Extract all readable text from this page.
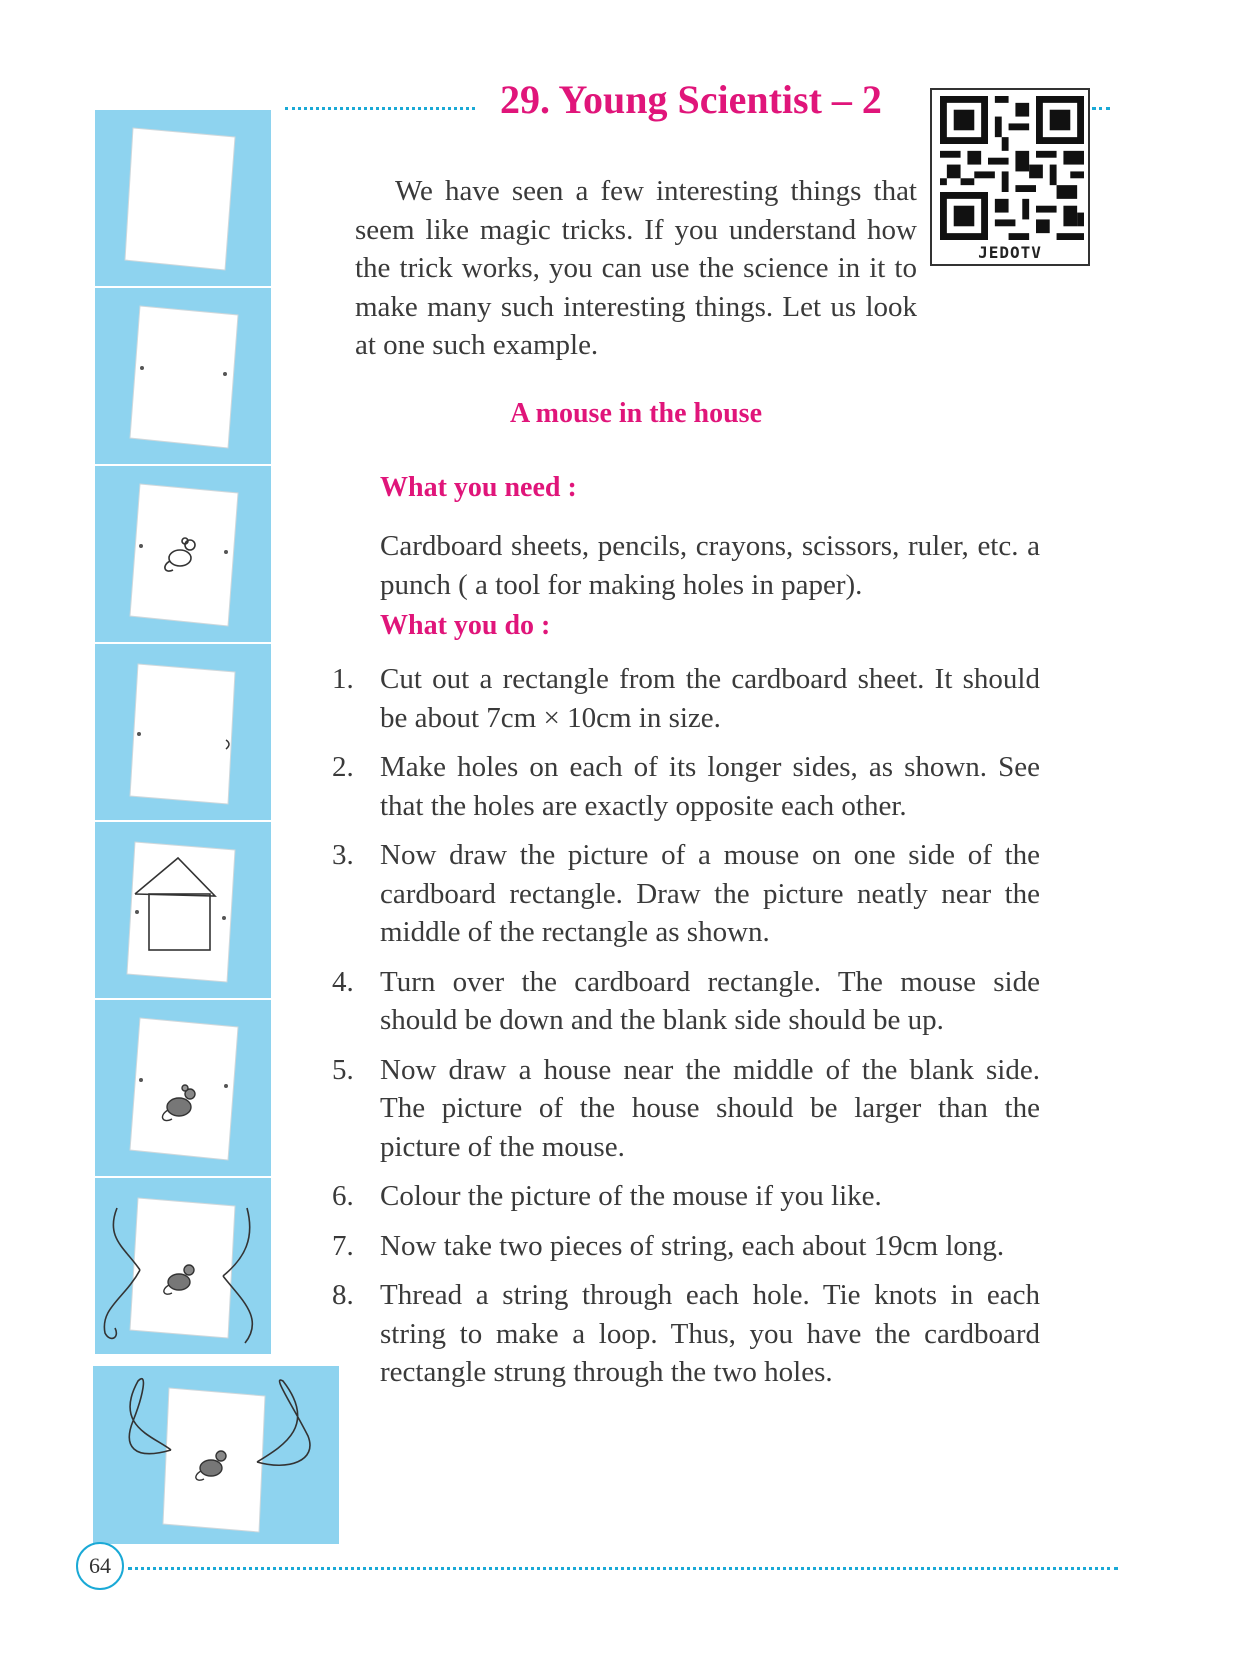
29. Young Scientist – 2
JEDOTV

We have seen a few interesting things that seem like magic tricks. If you understand how the trick works, you can use the science in it to make many such interesting things. Let us look at one such example.

A mouse in the house
What you need :

Cardboard sheets, pencils, crayons, scissors, ruler, etc. a punch ( a tool for making holes in paper).

What you do :
1. Cut out a rectangle from the cardboard sheet. It should be about 7cm × 10cm in size.
2. Make holes on each of its longer sides, as shown. See that the holes are exactly opposite each other.
3. Now draw the picture of a mouse on one side of the cardboard rectangle. Draw the picture neatly near the middle of the rectangle as shown.
4. Turn over the cardboard rectangle. The mouse side should be down and the blank side should be up.
5. Now draw a house near the middle of the blank side. The picture of the house should be larger than the picture of the mouse.
6. Colour the picture of the mouse if you like.
7. Now take two pieces of string, each about 19cm long.
8. Thread a string through each hole. Tie knots in each string to make a loop. Thus, you have the cardboard rectangle strung through the two holes.
64
